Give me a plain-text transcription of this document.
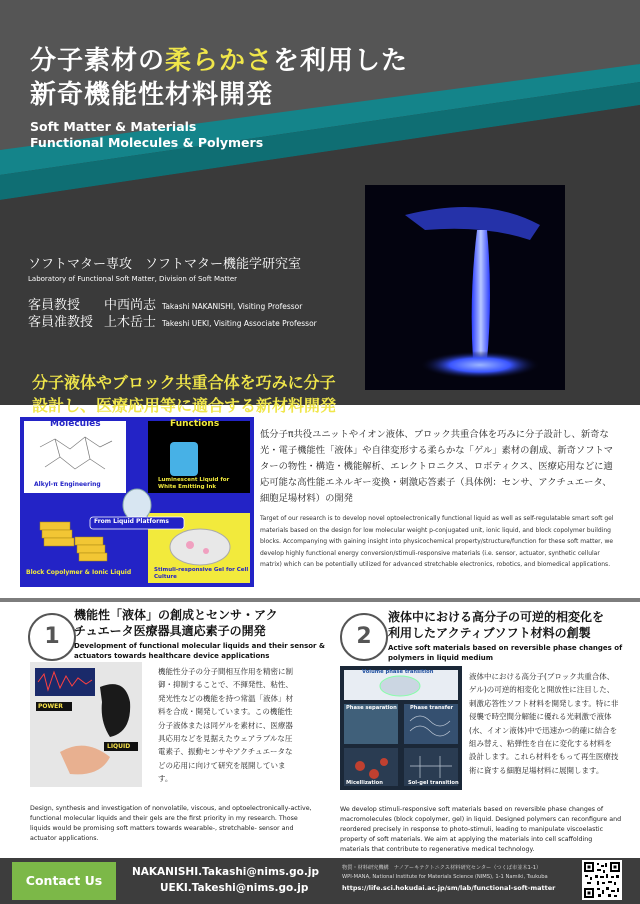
分子素材の柔らかさを利用した
新奇機能性材料開発
Soft Matter & Materials
Functional Molecules & Polymers
ソフトマター専攻　ソフトマター機能学研究室
Laboratory of Functional Soft Matter, Division of Soft Matter
客員教授 中西尚志 Takashi NAKANISHI, Visiting Professor
客員准教授 上木岳士 Takeshi UEKI, Visiting Associate Professor
分子液体やブロック共重合体を巧みに分子
設計し、医療応用等に適合する新材料開発
Molecules	Functions
Alkyl-π Engineering
From Liquid Platforms
Luminescent Liquid for White Emitting Ink
Block Copolymer & Ionic Liquid	Stimuli-responsive Gel for Cell Culture
低分子π共役ユニットやイオン液体、ブロック共重合体を巧みに分子設計し、新奇な光・電子機能性「液体」や自律変形する柔らかな「ゲル」素材の創成、新奇ソフトマターの物性・構造・機能解析、エレクトロニクス、ロボティクス、医療応用などに適応可能な高性能エネルギー変換・刺激応答素子（具体例：センサ、アクチュエータ、細胞足場材料）の開発
Target of our research is to develop novel optoelectronically functional liquid as well as self-regulatable smart soft gel materials based on the design for low molecular weight p-conjugated unit, ionic liquid, and block copolymer building blocks. Accompanying with gaining insight into physicochemical property/structure/function for these soft matter, we develop highly functional energy conversion/stimuli-responsive materials (i.e. sensor, actuator, synthetic cellular matrix) which can be potentially utilized for advanced stretchable electronics, robotics, and biomedical applications.
1
機能性「液体」の創成とセンサ・アク
チュエータ医療器具適応素子の開発
Development of functional molecular liquids and their sensor &
actuators towards healthcare device applications
POWER
LIQUID
機能性分子の分子間相互作用を精密に制御・抑制することで、不揮発性、粘性、発光性などの機能を持つ常温「液体」材料を合成・開発しています。この機能性分子液体または同ゲルを素材に、医療器具応用などを見据えたウェアラブルな圧電素子、振動センサやアクチュエータなどの応用に向けて研究を展開しています。
Design, synthesis and investigation of nonvolatile, viscous, and optoelectronically-active, functional molecular liquids and their gels are the first priority in my research. Those liquids would be promising soft matters towards wearable-, stretchable- sensor and actuator applications.
2
液体中における高分子の可逆的相変化を
利用したアクティブソフト材料の創製
Active soft materials based on reversible phase changes of
polymers in liquid medium
Volume phase transition
Phase separation	Phase transfer
Micellization	Sol-gel transition
液体中における高分子(ブロック共重合体、ゲル)の可逆的相変化と開放性に注目した、刺激応答性ソフト材料を開発します。特に非侵襲で時空間分解能に優れる光刺激で液体(水、イオン液体)中で迅速かつ的確に結合を組み替え、粘弾性を自在に変化する材料を設計します。これら材料をもって再生医療技術に資する細胞足場材料に展開します。
We develop stimuli-responsive soft materials based on reversible phase changes of macromolecules (block copolymer, gel) in liquid. Designed polymers can reconfigure and reordered precisely in response to photo-stimuli, leading to manipulate viscoelastic property of soft materials. We aim at applying the materials into cell scaffolding materials that contribute to regenerative medical technology.
Contact Us
NAKANISHI.Takashi@nims.go.jp
UEKI.Takeshi@nims.go.jp
物質・材料研究機構　ナノアーキテクトニクス材料研究センター（つくば市並木1-1）
WPI-MANA, National Institute for Materials Science (NIMS), 1-1 Namiki, Tsukuba
https://life.sci.hokudai.ac.jp/sm/lab/functional-soft-matter
